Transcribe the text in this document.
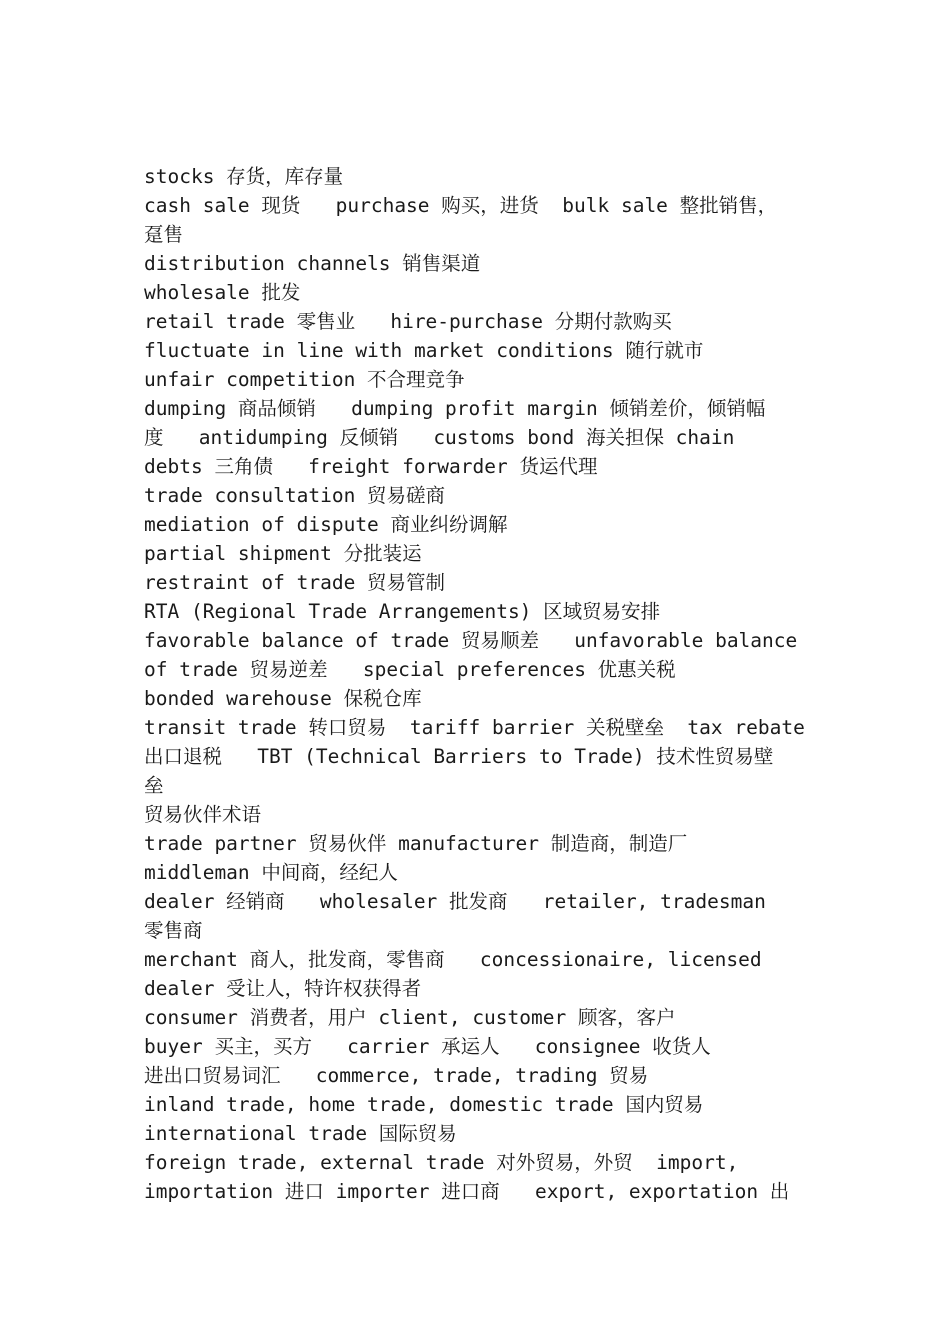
stocks 存货，库存量
cash sale 现货   purchase 购买，进货  bulk sale 整批销售，
趸售
distribution channels 销售渠道
wholesale 批发
retail trade 零售业   hire-purchase 分期付款购买
fluctuate in line with market conditions 随行就市
unfair competition 不合理竞争
dumping 商品倾销   dumping profit margin 倾销差价，倾销幅
度   antidumping 反倾销   customs bond 海关担保 chain
debts 三角债   freight forwarder 货运代理
trade consultation 贸易磋商
mediation of dispute 商业纠纷调解
partial shipment 分批装运
restraint of trade 贸易管制
RTA (Regional Trade Arrangements) 区域贸易安排
favorable balance of trade 贸易顺差   unfavorable balance
of trade 贸易逆差   special preferences 优惠关税
bonded warehouse 保税仓库
transit trade 转口贸易  tariff barrier 关税壁垒  tax rebate
出口退税   TBT (Technical Barriers to Trade) 技术性贸易壁
垒
贸易伙伴术语
trade partner 贸易伙伴 manufacturer 制造商，制造厂
middleman 中间商，经纪人
dealer 经销商   wholesaler 批发商   retailer, tradesman
零售商
merchant 商人，批发商，零售商   concessionaire, licensed
dealer 受让人，特许权获得者
consumer 消费者，用户 client, customer 顾客，客户
buyer 买主，买方   carrier 承运人   consignee 收货人
进出口贸易词汇   commerce, trade, trading 贸易
inland trade, home trade, domestic trade 国内贸易
international trade 国际贸易
foreign trade, external trade 对外贸易，外贸  import,
importation 进口 importer 进口商   export, exportation 出
